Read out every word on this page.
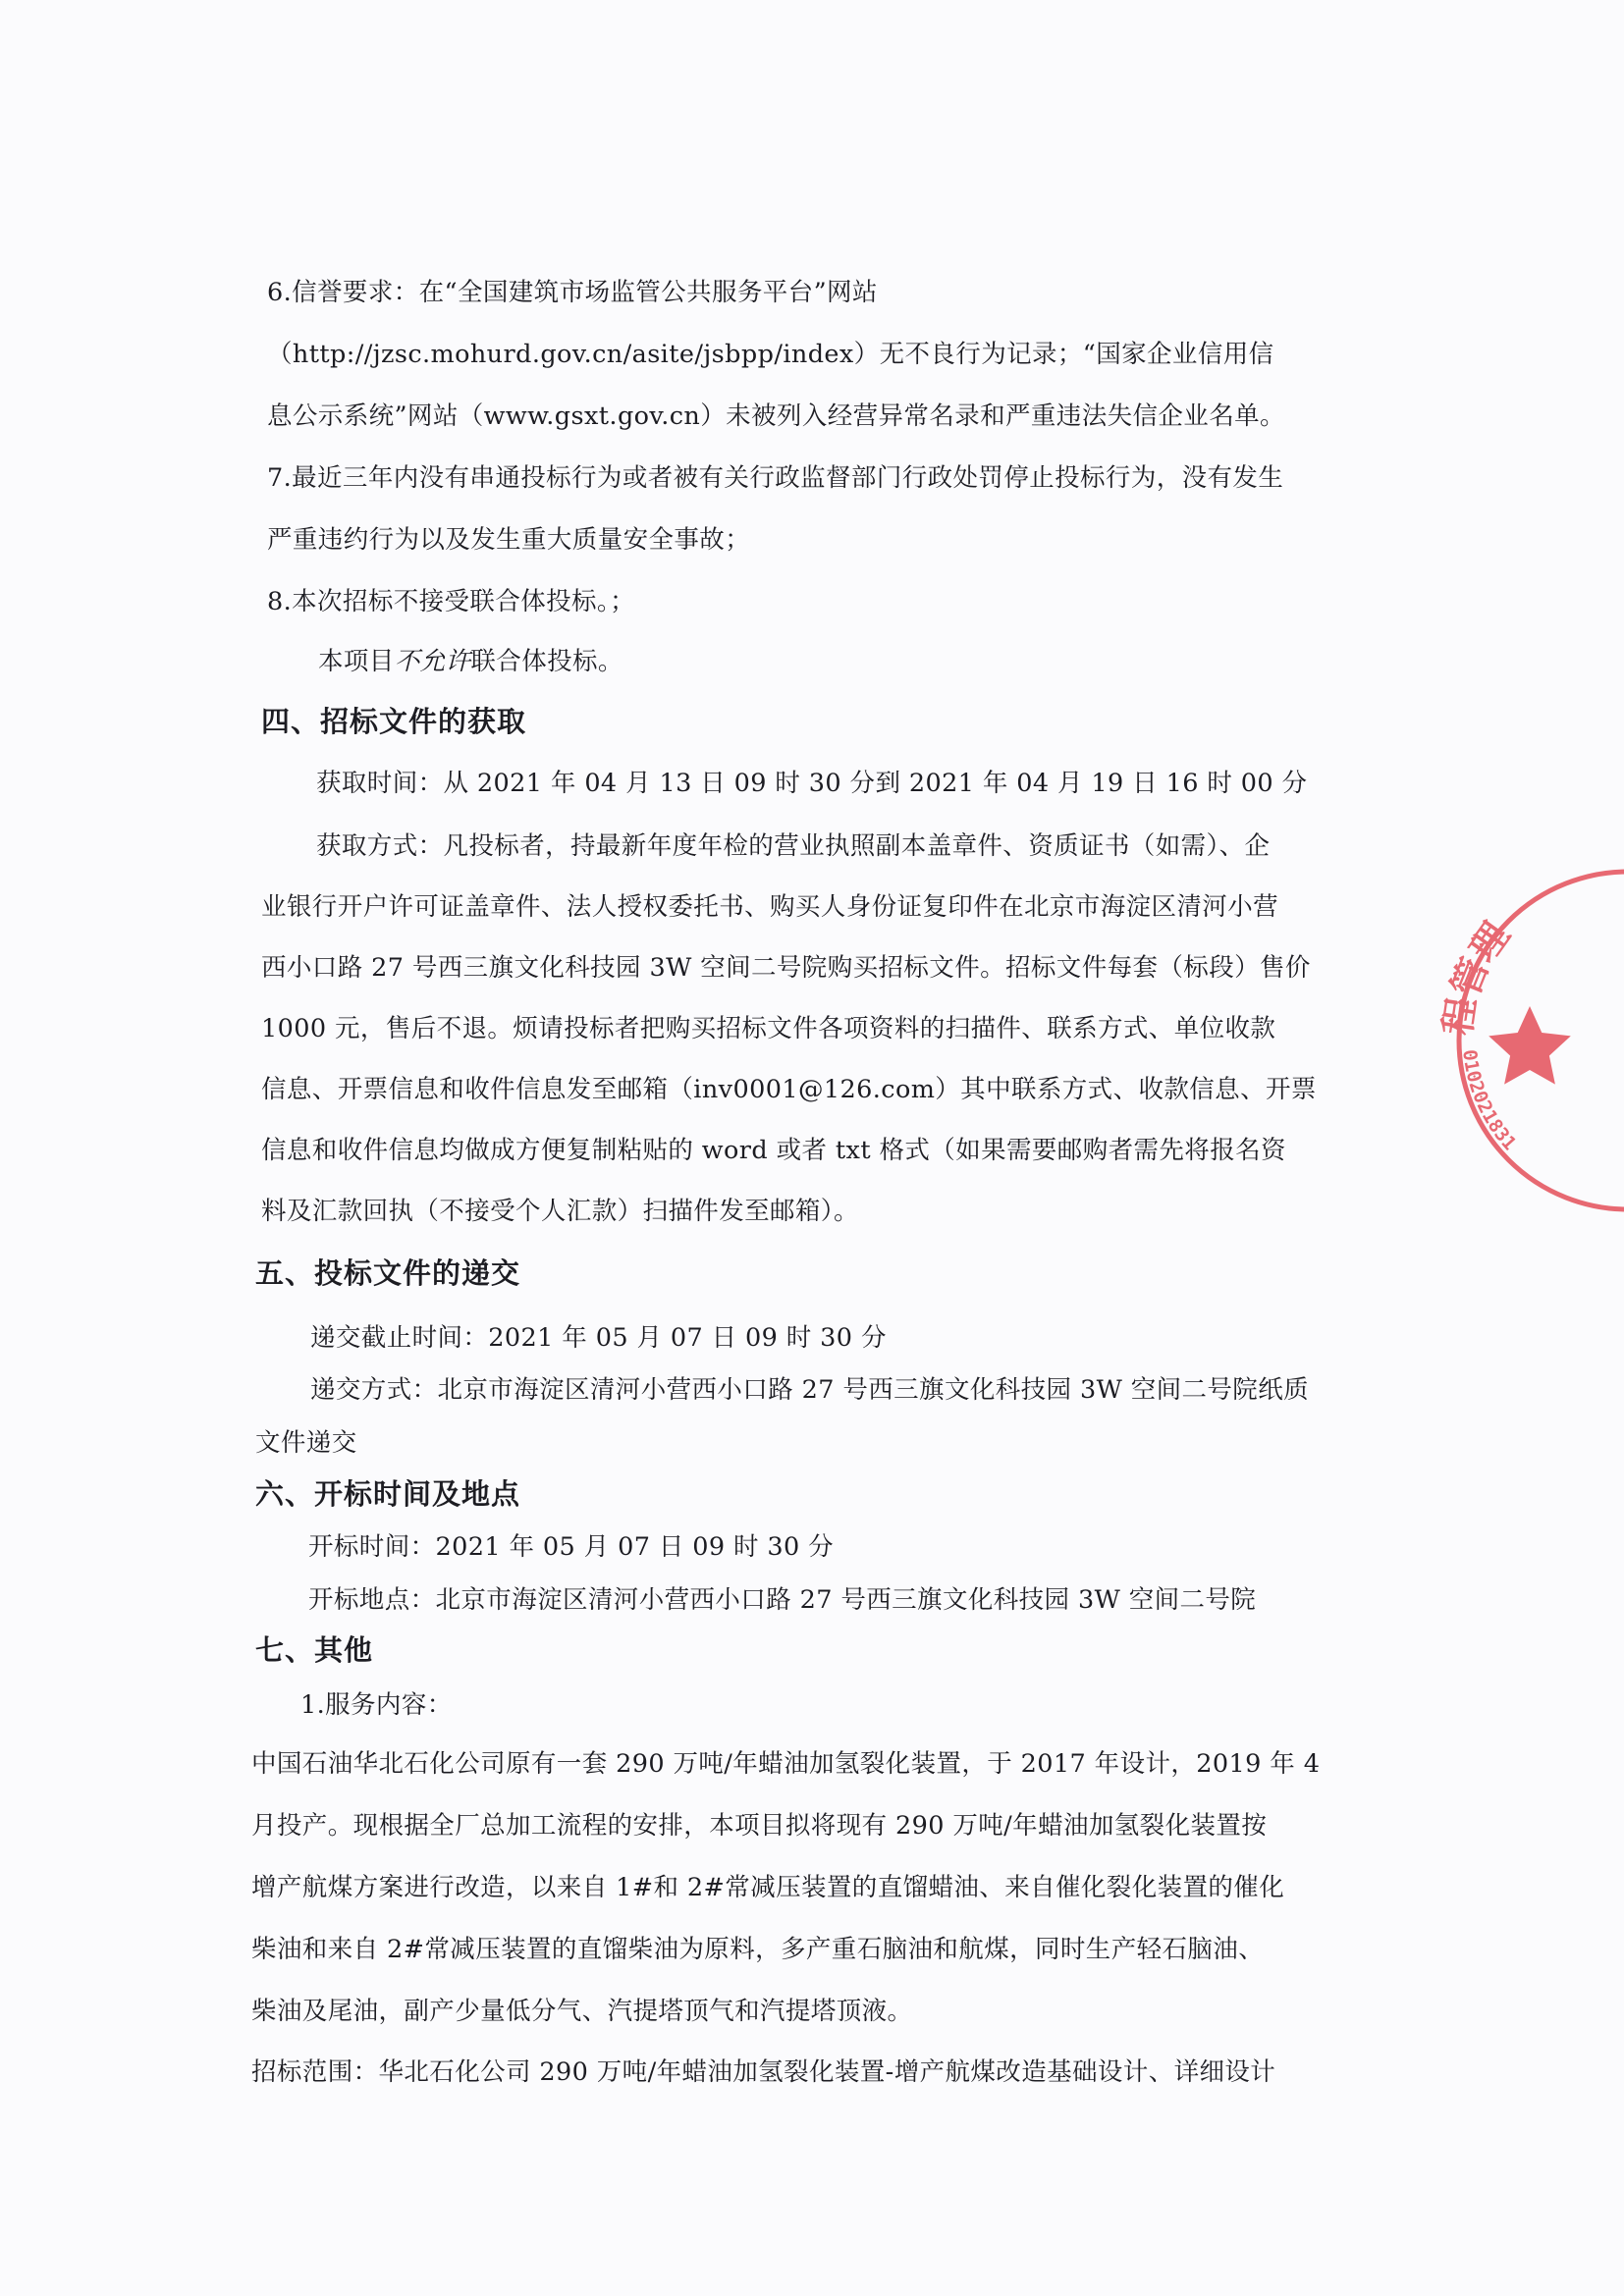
6.信誉要求：在“全国建筑市场监管公共服务平台”网站
（http://jzsc.mohurd.gov.cn/asite/jsbpp/index）无不良行为记录；“国家企业信用信
息公示系统”网站（www.gsxt.gov.cn）未被列入经营异常名录和严重违法失信企业名单。
7.最近三年内没有串通投标行为或者被有关行政监督部门行政处罚停止投标行为，没有发生
严重违约行为以及发生重大质量安全事故；
8.本次招标不接受联合体投标。；
本项目不允许联合体投标。
四、招标文件的获取
获取时间：从 2021 年 04 月 13 日 09 时 30 分到 2021 年 04 月 19 日 16 时 00 分
获取方式：凡投标者，持最新年度年检的营业执照副本盖章件、资质证书（如需）、企
业银行开户许可证盖章件、法人授权委托书、购买人身份证复印件在北京市海淀区清河小营
西小口路 27 号西三旗文化科技园 3W 空间二号院购买招标文件。招标文件每套（标段）售价
1000 元，售后不退。烦请投标者把购买招标文件各项资料的扫描件、联系方式、单位收款
信息、开票信息和收件信息发至邮箱（inv0001@126.com）其中联系方式、收款信息、开票
信息和收件信息均做成方便复制粘贴的 word 或者 txt 格式（如果需要邮购者需先将报名资
料及汇款回执（不接受个人汇款）扫描件发至邮箱）。
五、投标文件的递交
递交截止时间：2021 年 05 月 07 日 09 时 30 分
递交方式：北京市海淀区清河小营西小口路 27 号西三旗文化科技园 3W 空间二号院纸质
文件递交
六、开标时间及地点
开标时间：2021 年 05 月 07 日 09 时 30 分
开标地点：北京市海淀区清河小营西小口路 27 号西三旗文化科技园 3W 空间二号院
七、其他
1.服务内容：
中国石油华北石化公司原有一套 290 万吨/年蜡油加氢裂化装置，于 2017 年设计，2019 年 4
月投产。现根据全厂总加工流程的安排，本项目拟将现有 290 万吨/年蜡油加氢裂化装置按
增产航煤方案进行改造，以来自 1#和 2#常减压装置的直馏蜡油、来自催化裂化装置的催化
柴油和来自 2#常减压装置的直馏柴油为原料，多产重石脑油和航煤，同时生产轻石脑油、
柴油及尾油，副产少量低分气、汽提塔顶气和汽提塔顶液。
招标范围：华北石化公司 290 万吨/年蜡油加氢裂化装置-增产航煤改造基础设计、详细设计
程管理
0102021831
